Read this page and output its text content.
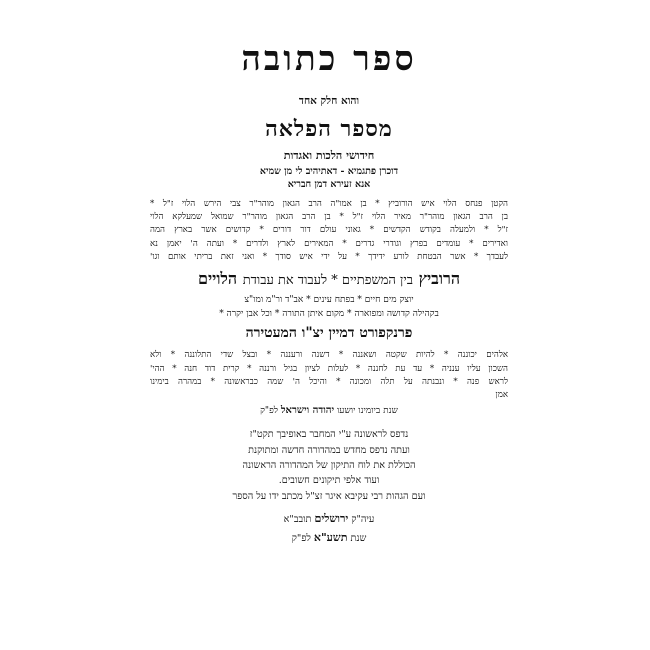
ספר כתובה
והוא חלק אחד
מספר הפלאה
חידושי הלכות ואגדות
דוכרן פתגמיא - דאתיהיב לי מן שמיא
אנא זעירא דמן חבריא
הקטן פנחס הלוי איש הורוביץ * בן אמו"ה הרב הגאון מוהר"ר צבי הירש הלוי ז"ל *
בן הרב הגאון מוהר"ר מאיר הלוי ז"ל * בן הרב הגאון מוהר"ר שמואל שמעלקא הלוי
ז"ל * ולמעלה בקודש הקדשים * גאוני עולם דור דורים * קדושים אשר בארץ המה
ואדירים * עומדים בפרץ וגודרי גדרים * המאירים לארץ ולדרים * ועתה ה' יאמן נא
לעבדך * אשר הבטחת לורע ידידך * על ידי איש סודך * ואני זאת בריתי אותם וגו'
הרוביץ בין המשפתיים * לעבוד את עבודת הלויים
יוצק מים חיים * בפתח עינים * אב"ד ור"מ ומו"צ
בקהילה קדושה ומפוארה * מקום איתן התורה * וכל אבן יקרה *
פרנקפורט דמיין יצ"ו המעטירה
אלהים יכוננה * להיות שקטה ושאננה * דשנה ורעננה * ובצל שדי התלוננה * ולא
השכון עליו ענניה * עד עת לחננה * לעלות לציון בגיל ורננה * קרית דוד חנה * ההי'
לראש פנה * ונבנתה על תלה ומכונה * והיכל ה' שמה כבראשונה * במהרה בימינו
אמן
שנת ביומינו יושעו יהודה וישראל לפ"ק
נדפס לראשונה ע"י המחבר באופיבך תקט"ז
ועתה נדפס מחדש במהדורה חדשה ומתוקנת
הכוללת את לוח התיקון של המהדורה הראשונה
ועוד אלפי תיקונים חשובים.
ועם הגהות רבי עקיבא איגר זצ"ל מכתב ידו על הספר
עיה"ק ירושלים תובב"א
שנת תשע"א לפ"ק
